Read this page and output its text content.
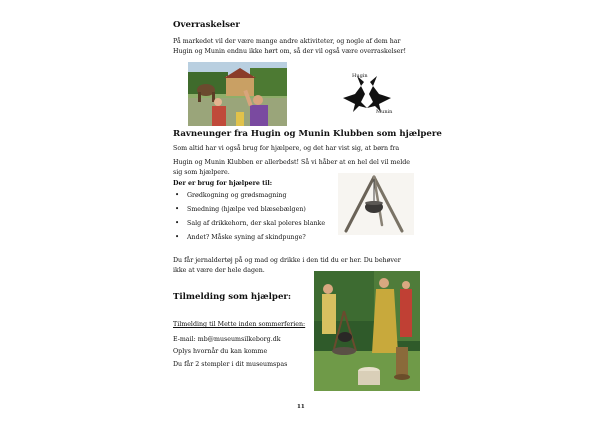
Overraskelser

På markedet vil der være mange andre aktiviteter, og nogle af dem har

Hugin og Munin endnu ikke hørt om, så der vil også være overraskelser!

Hugin

&

Munin

Ravneunger fra Hugin og Munin Klubben som hjælpere

Som altid har vi også brug for hjælpere, og det har vist sig, at børn fra

Hugin og Munin Klubben er allerbedst! Så vi håber at en hel del vil melde

sig som hjælpere.

Der er brug for hjælpere til:

• Grødkogning og grødsmagning
• Smedning (hjælpe ved blæsebælgen)
• Salg af drikkehorn, der skal poleres blanke
• Andet? Måske syning af skindpunge?

Du får jernaldertøj på og mad og drikke i den tid du er her. Du behøver

ikke at være der hele dagen.

Tilmelding som hjælper:

Tilmelding til Mette inden sommerferien:

E-mail: mb@museumsilkeborg.dk

Oplys hvornår du kan komme

Du får 2 stempler i dit museumspas

11
